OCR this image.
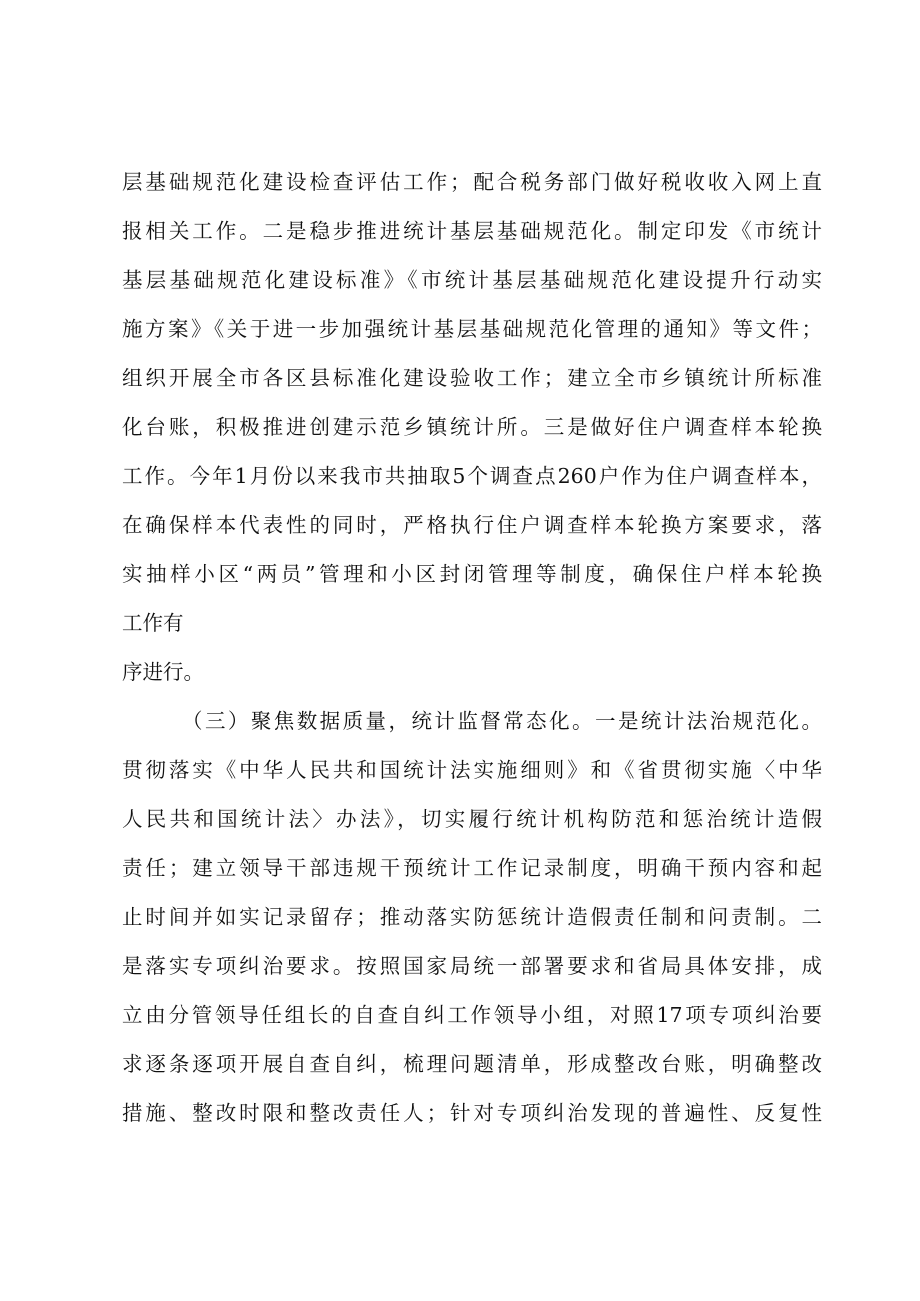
层基础规范化建设检查评估工作；配合税务部门做好税收收入网上直
报相关工作。二是稳步推进统计基层基础规范化。制定印发《市统计
基层基础规范化建设标准》《市统计基层基础规范化建设提升行动实
施方案》《关于进一步加强统计基层基础规范化管理的通知》等文件；
组织开展全市各区县标准化建设验收工作；建立全市乡镇统计所标准
化台账，积极推进创建示范乡镇统计所。三是做好住户调查样本轮换
工作。今年1月份以来我市共抽取5个调查点260户作为住户调查样本，
在确保样本代表性的同时，严格执行住户调查样本轮换方案要求，落
实抽样小区“两员”管理和小区封闭管理等制度，确保住户样本轮换
工作有
序进行。
（三）聚焦数据质量，统计监督常态化。一是统计法治规范化。
贯彻落实《中华人民共和国统计法实施细则》和《省贯彻实施〈中华
人民共和国统计法〉办法》，切实履行统计机构防范和惩治统计造假
责任；建立领导干部违规干预统计工作记录制度，明确干预内容和起
止时间并如实记录留存；推动落实防惩统计造假责任制和问责制。二
是落实专项纠治要求。按照国家局统一部署要求和省局具体安排，成
立由分管领导任组长的自查自纠工作领导小组，对照17项专项纠治要
求逐条逐项开展自查自纠，梳理问题清单，形成整改台账，明确整改
措施、整改时限和整改责任人；针对专项纠治发现的普遍性、反复性
